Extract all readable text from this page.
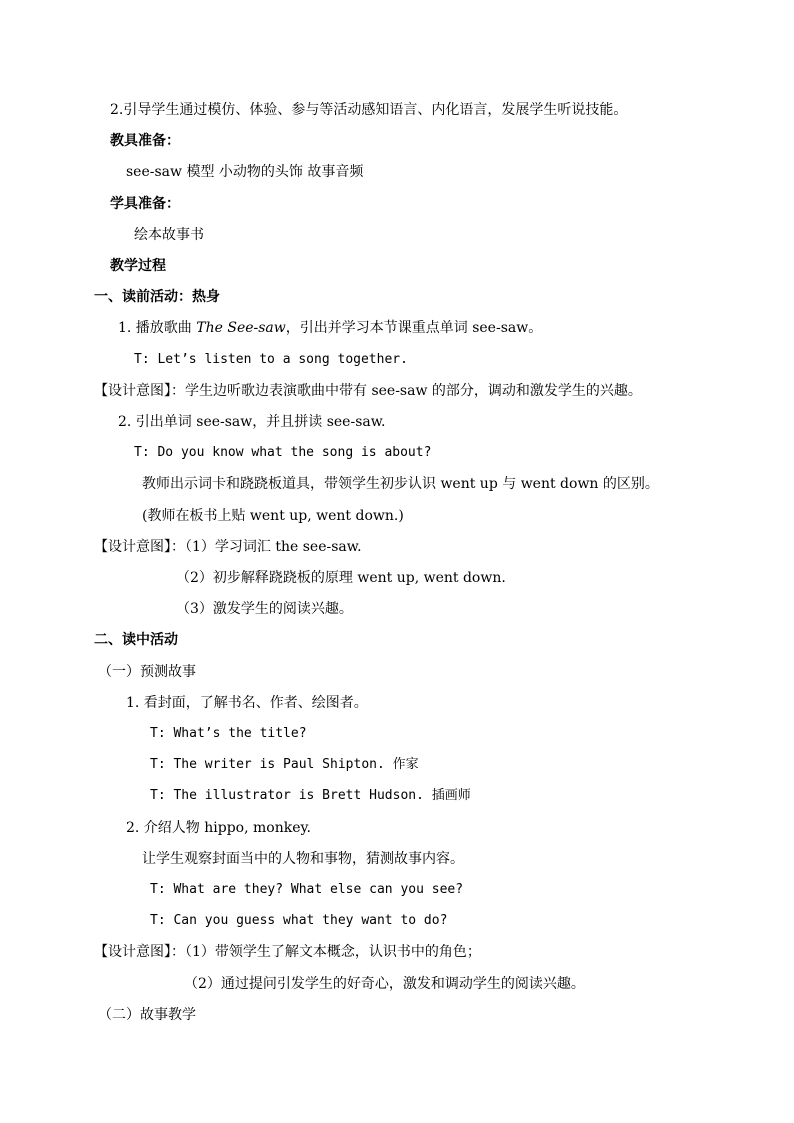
2.引导学生通过模仿、体验、参与等活动感知语言、内化语言，发展学生听说技能。
教具准备：
see-saw 模型 小动物的头饰 故事音频
学具准备：
绘本故事书
教学过程
一、读前活动：热身
1. 播放歌曲 The See-saw，引出并学习本节课重点单词 see-saw。
T: Let’s listen to a song together.
【设计意图】：学生边听歌边表演歌曲中带有 see-saw 的部分，调动和激发学生的兴趣。
2. 引出单词 see-saw，并且拼读 see-saw.
T: Do you know what the song is about?
教师出示词卡和跷跷板道具，带领学生初步认识 went up 与 went down 的区别。
(教师在板书上贴 went up, went down.)
【设计意图】：（1）学习词汇 the see-saw.
（2）初步解释跷跷板的原理 went up, went down.
（3）激发学生的阅读兴趣。
二、读中活动
（一）预测故事
1. 看封面，了解书名、作者、绘图者。
T: What’s the title?
T: The writer is Paul Shipton. 作家
T: The illustrator is Brett Hudson. 插画师
2. 介绍人物 hippo, monkey.
让学生观察封面当中的人物和事物，猜测故事内容。
T: What are they? What else can you see?
T: Can you guess what they want to do?
【设计意图】：（1）带领学生了解文本概念，认识书中的角色；
（2）通过提问引发学生的好奇心，激发和调动学生的阅读兴趣。
（二）故事教学
